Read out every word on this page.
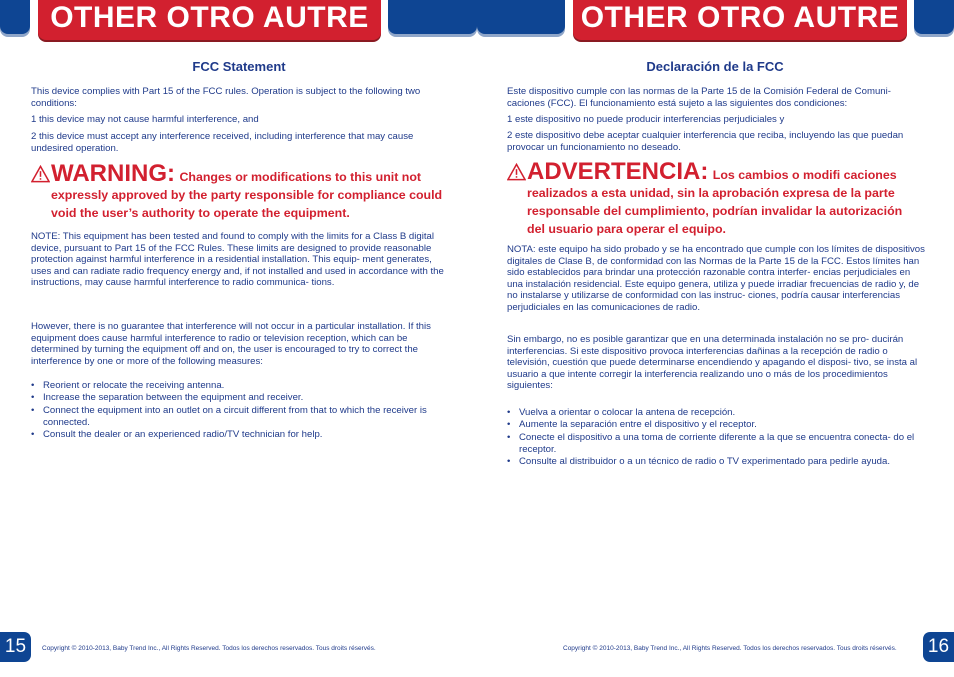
OTHER OTRO AUTRE
FCC Statement

This device complies with Part 15 of the FCC rules. Operation is subject to the following two conditions:

1 this device may not cause harmful interference, and

2 this device must accept any interference received, including interference that may cause undesired operation.

WARNING: Changes or modifications to this unit not expressly approved by the party responsible for compliance could void the user’s authority to operate the equipment.

NOTE: This equipment has been tested and found to comply with the limits for a Class B digital device, pursuant to Part 15 of the FCC Rules. These limits are designed to provide reasonable protection against harmful interference in a residential installation. This equip- ment generates, uses and can radiate radio frequency energy and, if not installed and used in accordance with the instructions, may cause harmful interference to radio communica- tions.

However, there is no guarantee that interference will not occur in a particular installation. If this equipment does cause harmful interference to radio or television reception, which can be determined by turning the equipment off and on, the user is encouraged to try to correct the interference by one or more of the following measures:

• Reorient or relocate the receiving antenna.
• Increase the separation between the equipment and receiver.
• Connect the equipment into an outlet on a circuit different from that to which the receiver is connected.
• Consult the dealer or an experienced radio/TV technician for help.
15	Copyright © 2010-2013, Baby Trend Inc., All Rights Reserved. Todos los derechos reservados. Tous droits réservés.
OTHER OTRO AUTRE
Declaración de la FCC

Este dispositivo cumple con las normas de la Parte 15 de la Comisión Federal de Comuni- caciones (FCC). El funcionamiento está sujeto a las siguientes dos condiciones:

1 este dispositivo no puede producir interferencias perjudiciales y

2 este dispositivo debe aceptar cualquier interferencia que reciba, incluyendo las que puedan provocar un funcionamiento no deseado.

ADVERTENCIA: Los cambios o modifi caciones realizados a esta unidad, sin la aprobación expresa de la parte responsable del cumplimiento, podrían invalidar la autorización del usuario para operar el equipo.

NOTA: este equipo ha sido probado y se ha encontrado que cumple con los límites de dispositivos digitales de Clase B, de conformidad con las Normas de la Parte 15 de la FCC. Estos límites han sido establecidos para brindar una protección razonable contra interfer- encias perjudiciales en una instalación residencial. Este equipo genera, utiliza y puede irradiar frecuencias de radio y, de no instalarse y utilizarse de conformidad con las instruc- ciones, podría causar interferencias perjudiciales en las comunicaciones de radio.

Sin embargo, no es posible garantizar que en una determinada instalación no se pro- ducirán interferencias. Si este dispositivo provoca interferencias dañinas a la recepción de radio o televisión, cuestión que puede determinarse encendiendo y apagando el disposi- tivo, se insta al usuario a que intente corregir la interferencia realizando uno o más de los procedimientos siguientes:

• Vuelva a orientar o colocar la antena de recepción.
• Aumente la separación entre el dispositivo y el receptor.
• Conecte el dispositivo a una toma de corriente diferente a la que se encuentra conecta- do el receptor.
• Consulte al distribuidor o a un técnico de radio o TV experimentado para pedirle ayuda.
Copyright © 2010-2013, Baby Trend Inc., All Rights Reserved. Todos los derechos reservados. Tous droits réservés. 16
